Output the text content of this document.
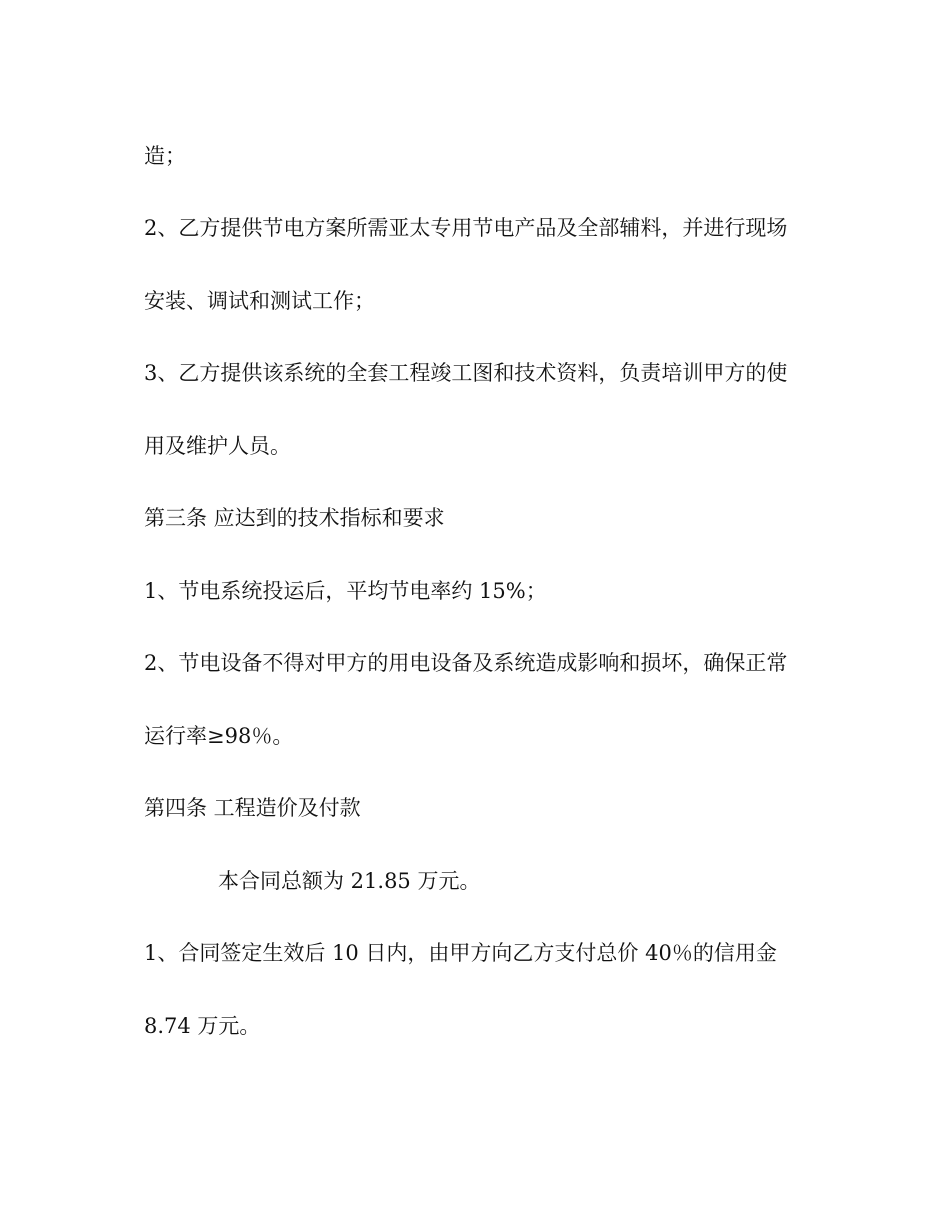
造；
2、乙方提供节电方案所需亚太专用节电产品及全部辅料，并进行现场
安装、调试和测试工作；
3、乙方提供该系统的全套工程竣工图和技术资料，负责培训甲方的使
用及维护人员。
第三条 应达到的技术指标和要求
1、节电系统投运后，平均节电率约 15%；
2、节电设备不得对甲方的用电设备及系统造成影响和损坏，确保正常
运行率≥98％。
第四条 工程造价及付款
本合同总额为 21.85 万元。
1、合同签定生效后 10 日内，由甲方向乙方支付总价 40％的信用金
8.74 万元。
